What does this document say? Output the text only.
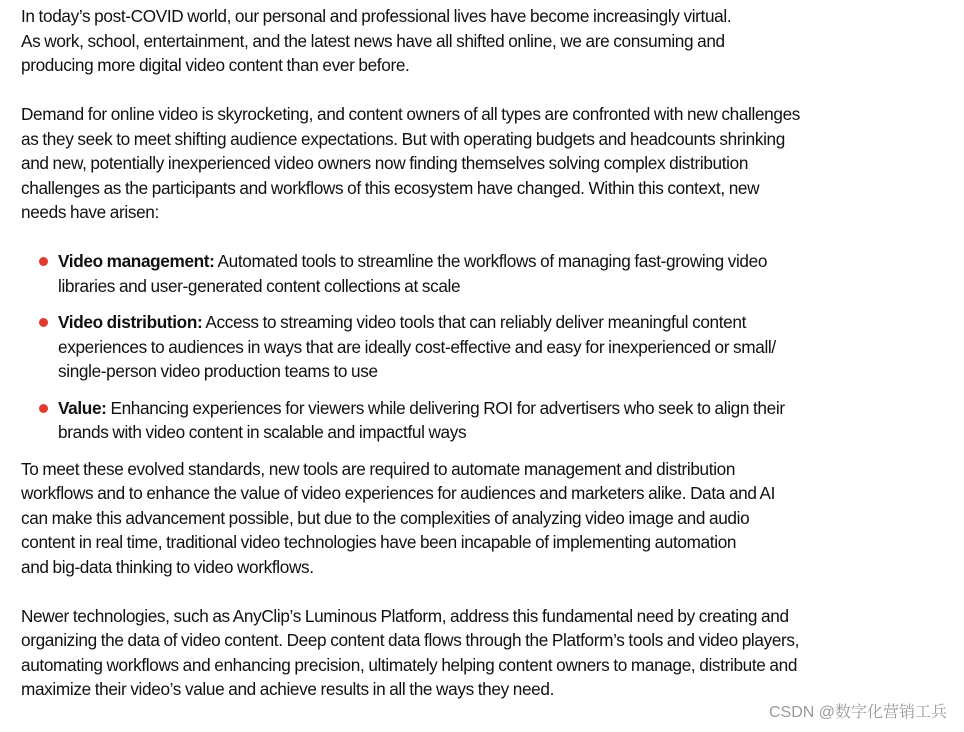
In today’s post-COVID world, our personal and professional lives have become increasingly virtual.
As work, school, entertainment, and the latest news have all shifted online, we are consuming and
producing more digital video content than ever before.

Demand for online video is skyrocketing, and content owners of all types are confronted with new challenges
as they seek to meet shifting audience expectations. But with operating budgets and headcounts shrinking
and new, potentially inexperienced video owners now finding themselves solving complex distribution
challenges as the participants and workflows of this ecosystem have changed. Within this context, new
needs have arisen:

Video management: Automated tools to streamline the workflows of managing fast-growing video
libraries and user-generated content collections at scale
Video distribution: Access to streaming video tools that can reliably deliver meaningful content
experiences to audiences in ways that are ideally cost-effective and easy for inexperienced or small/
single-person video production teams to use
Value: Enhancing experiences for viewers while delivering ROI for advertisers who seek to align their
brands with video content in scalable and impactful ways

To meet these evolved standards, new tools are required to automate management and distribution
workflows and to enhance the value of video experiences for audiences and marketers alike. Data and AI
can make this advancement possible, but due to the complexities of analyzing video image and audio
content in real time, traditional video technologies have been incapable of implementing automation
and big-data thinking to video workflows.

Newer technologies, such as AnyClip’s Luminous Platform, address this fundamental need by creating and
organizing the data of video content. Deep content data flows through the Platform’s tools and video players,
automating workflows and enhancing precision, ultimately helping content owners to manage, distribute and
maximize their video’s value and achieve results in all the ways they need.

CSDN @数字化营销工兵
